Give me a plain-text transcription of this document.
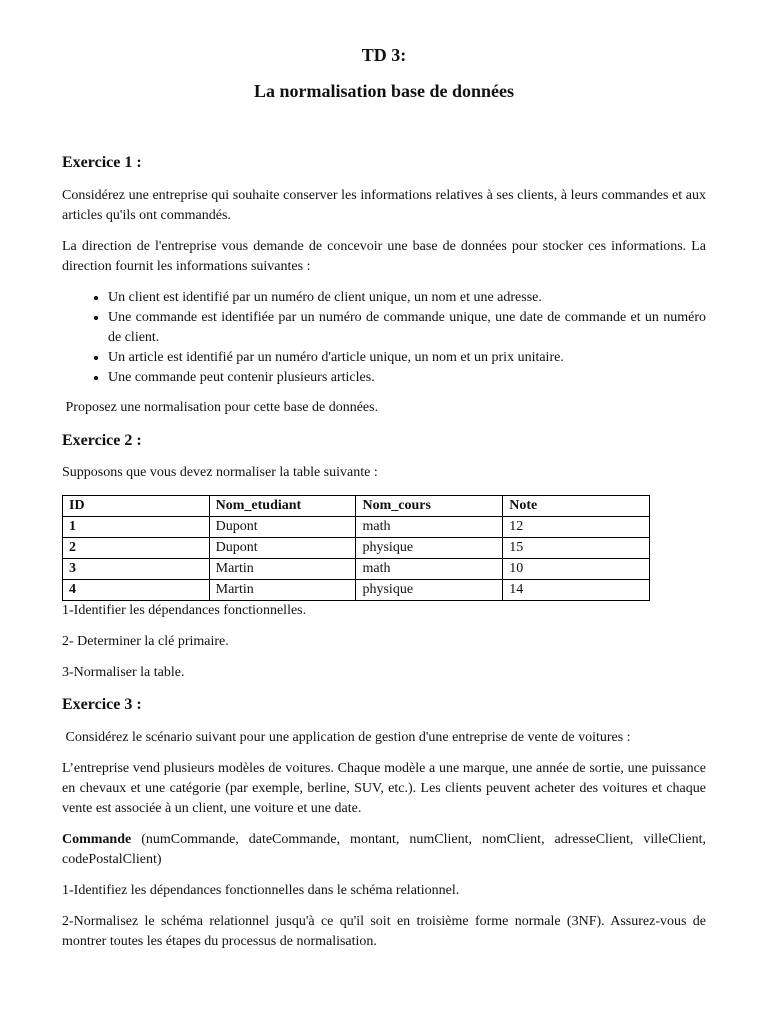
TD 3:
La normalisation base de données
Exercice 1 :

Considérez une entreprise qui souhaite conserver les informations relatives à ses clients, à leurs commandes et aux articles qu'ils ont commandés.

La direction de l'entreprise vous demande de concevoir une base de données pour stocker ces informations. La direction fournit les informations suivantes :

• Un client est identifié par un numéro de client unique, un nom et une adresse.
• Une commande est identifiée par un numéro de commande unique, une date de commande et un numéro de client.
• Un article est identifié par un numéro d'article unique, un nom et un prix unitaire.
• Une commande peut contenir plusieurs articles.

Proposez une normalisation pour cette base de données.

Exercice 2 :

Supposons que vous devez normaliser la table suivante :

ID	Nom_etudiant	Nom_cours	Note
1	Dupont	math	12
2	Dupont	physique	15
3	Martin	math	10
4	Martin	physique	14

1-Identifier les dépendances fonctionnelles.

2- Determiner la clé primaire.

3-Normaliser la table.

Exercice 3 :

Considérez le scénario suivant pour une application de gestion d'une entreprise de vente de voitures :

L’entreprise vend plusieurs modèles de voitures. Chaque modèle a une marque, une année de sortie, une puissance en chevaux et une catégorie (par exemple, berline, SUV, etc.). Les clients peuvent acheter des voitures et chaque vente est associée à un client, une voiture et une date.

Commande (numCommande, dateCommande, montant, numClient, nomClient, adresseClient, villeClient, codePostalClient)

1-Identifiez les dépendances fonctionnelles dans le schéma relationnel.

2-Normalisez le schéma relationnel jusqu'à ce qu'il soit en troisième forme normale (3NF). Assurez-vous de montrer toutes les étapes du processus de normalisation.
